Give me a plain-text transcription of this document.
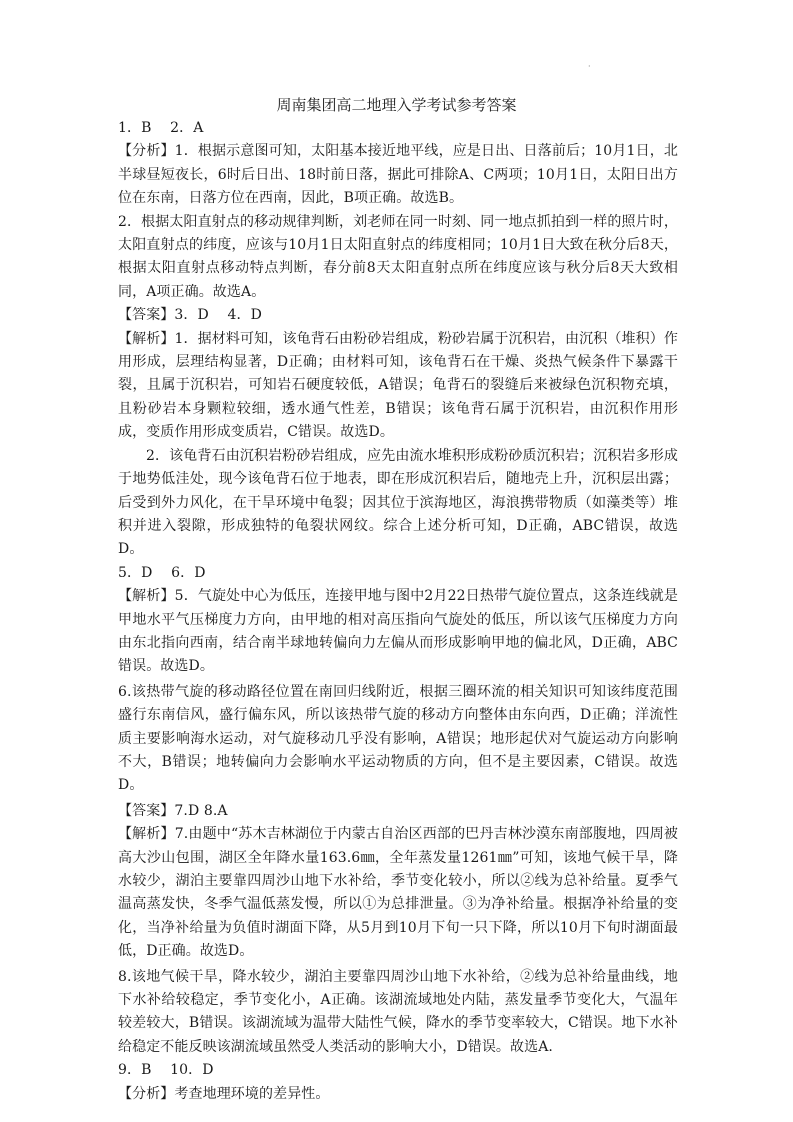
·
周南集团高二地理入学考试参考答案

1．B　 2．A

【分析】1．根据示意图可知，太阳基本接近地平线，应是日出、日落前后；10月1日，北半球昼短夜长，6时后日出、18时前日落，据此可排除A、C两项；10月1日，太阳日出方位在东南，日落方位在西南，因此，B项正确。故选B。

2．根据太阳直射点的移动规律判断，刘老师在同一时刻、同一地点抓拍到一样的照片时，太阳直射点的纬度，应该与10月1日太阳直射点的纬度相同；10月1日大致在秋分后8天，根据太阳直射点移动特点判断，春分前8天太阳直射点所在纬度应该与秋分后8天大致相同，A项正确。故选A。

【答案】3．D　 4．D

【解析】1．据材料可知，该龟背石由粉砂岩组成，粉砂岩属于沉积岩，由沉积（堆积）作用形成，层理结构显著，D正确；由材料可知，该龟背石在干燥、炎热气候条件下暴露干裂，且属于沉积岩，可知岩石硬度较低，A错误；龟背石的裂缝后来被绿色沉积物充填，且粉砂岩本身颗粒较细，透水通气性差，B错误；该龟背石属于沉积岩，由沉积作用形成，变质作用形成变质岩，C错误。故选D。

2．该龟背石由沉积岩粉砂岩组成，应先由流水堆积形成粉砂质沉积岩；沉积岩多形成于地势低洼处，现今该龟背石位于地表，即在形成沉积岩后，随地壳上升，沉积层出露；后受到外力风化，在干旱环境中龟裂；因其位于滨海地区，海浪携带物质（如藻类等）堆积并进入裂隙，形成独特的龟裂状网纹。综合上述分析可知，D正确，ABC错误，故选D。

5．D　 6．D

【解析】5．气旋处中心为低压，连接甲地与图中2月22日热带气旋位置点，这条连线就是甲地水平气压梯度力方向，由甲地的相对高压指向气旋处的低压，所以该气压梯度力方向由东北指向西南，结合南半球地转偏向力左偏从而形成影响甲地的偏北风，D正确，ABC错误。故选D。

6.该热带气旋的移动路径位置在南回归线附近，根据三圈环流的相关知识可知该纬度范围盛行东南信风，盛行偏东风，所以该热带气旋的移动方向整体由东向西，D正确；洋流性质主要影响海水运动，对气旋移动几乎没有影响，A错误；地形起伏对气旋运动方向影响不大，B错误；地转偏向力会影响水平运动物质的方向，但不是主要因素，C错误。故选D。

【答案】7.D 8.A

【解析】7.由题中“苏木吉林湖位于内蒙古自治区西部的巴丹吉林沙漠东南部腹地，四周被高大沙山包围，湖区全年降水量163.6㎜，全年蒸发量1261㎜”可知，该地气候干旱，降水较少，湖泊主要靠四周沙山地下水补给，季节变化较小，所以②线为总补给量。夏季气温高蒸发快，冬季气温低蒸发慢，所以①为总排泄量。③为净补给量。根据净补给量的变化，当净补给量为负值时湖面下降，从5月到10月下旬一只下降，所以10月下旬时湖面最低，D正确。故选D。

8.该地气候干旱，降水较少，湖泊主要靠四周沙山地下水补给，②线为总补给量曲线，地下水补给较稳定，季节变化小，A正确。该湖流域地处内陆，蒸发量季节变化大，气温年较差较大，B错误。该湖流域为温带大陆性气候，降水的季节变率较大，C错误。地下水补给稳定不能反映该湖流域虽然受人类活动的影响大小，D错误。故选A.

9．B　 10．D

【分析】考查地理环境的差异性。
